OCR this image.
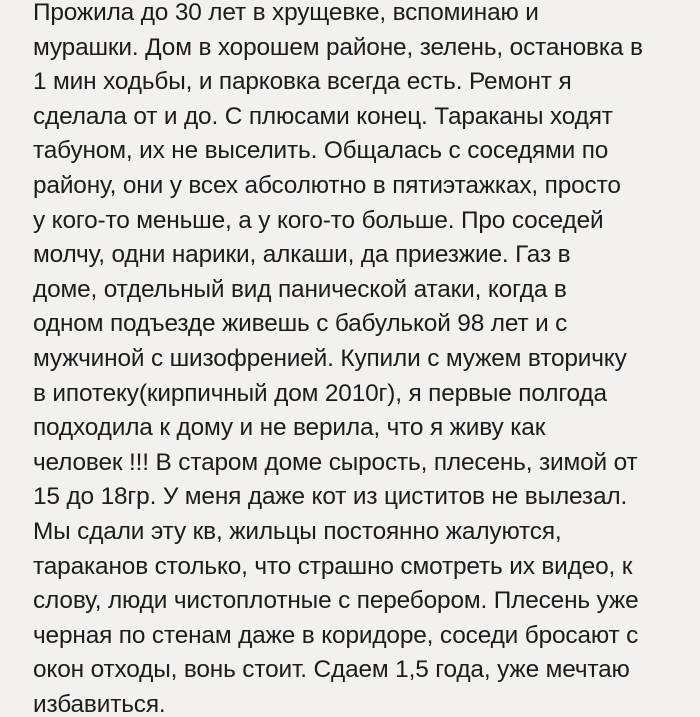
Прожила до 30 лет в хрущевке, вспоминаю и
мурашки. Дом в хорошем районе, зелень, остановка в
1 мин ходьбы, и парковка всегда есть. Ремонт я
сделала от и до. С плюсами конец. Тараканы ходят
табуном, их не выселить. Общалась с соседями по
району, они у всех абсолютно в пятиэтажках, просто
у кого-то меньше, а у кого-то больше. Про соседей
молчу, одни нарики, алкаши, да приезжие. Газ в
доме, отдельный вид панической атаки, когда в
одном подъезде живешь с бабулькой 98 лет и с
мужчиной с шизофренией. Купили с мужем вторичку
в ипотеку(кирпичный дом 2010г), я первые полгода
подходила к дому и не верила, что я живу как
человек !!! В старом доме сырость, плесень, зимой от
15 до 18гр. У меня даже кот из циститов не вылезал.
Мы сдали эту кв, жильцы постоянно жалуются,
тараканов столько, что страшно смотреть их видео, к
слову, люди чистоплотные с перебором. Плесень уже
черная по стенам даже в коридоре, соседи бросают с
окон отходы, вонь стоит. Сдаем 1,5 года, уже мечтаю
избавиться.
